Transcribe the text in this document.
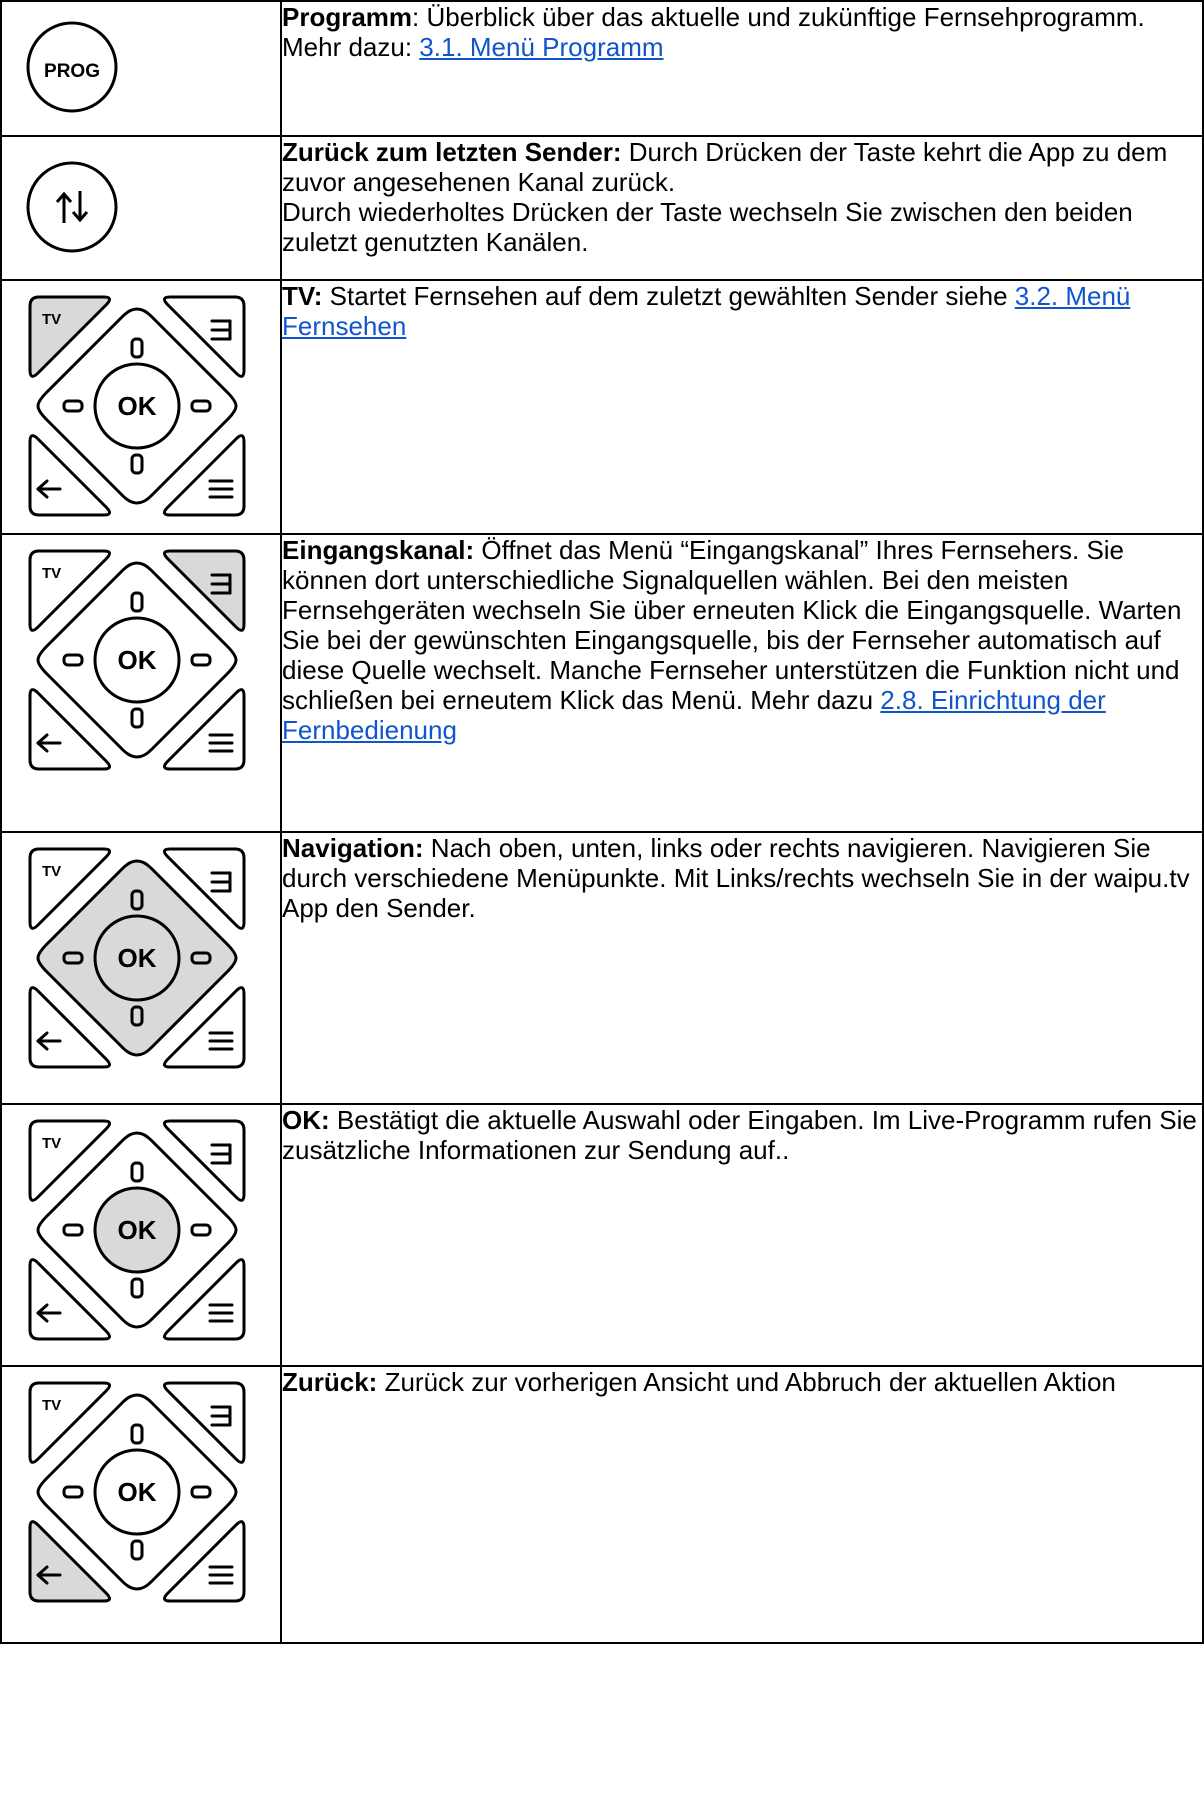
PROG	Programm: Überblick über das aktuelle und zukünftige Fernsehprogramm. Mehr dazu: 3.1. Menü Programm

	Zurück zum letzten Sender: Durch Drücken der Taste kehrt die App zu dem zuvor angesehenen Kanal zurück.
Durch wiederholtes Drücken der Taste wechseln Sie zwischen den beiden zuletzt genutzten Kanälen.

TV
OK	TV: Startet Fernsehen auf dem zuletzt gewählten Sender siehe 3.2. Menü Fernsehen

TV
OK	Eingangskanal: Öffnet das Menü “Eingangskanal” Ihres Fernsehers. Sie können dort unterschiedliche Signalquellen wählen. Bei den meisten Fernsehgeräten wechseln Sie über erneuten Klick die Eingangsquelle. Warten Sie bei der gewünschten Eingangsquelle, bis der Fernseher automatisch auf diese Quelle wechselt. Manche Fernseher unterstützen die Funktion nicht und schließen bei erneutem Klick das Menü. Mehr dazu 2.8. Einrichtung der Fernbedienung

TV
OK	Navigation: Nach oben, unten, links oder rechts navigieren. Navigieren Sie durch verschiedene Menüpunkte. Mit Links/rechts wechseln Sie in der waipu.tv App den Sender.

TV
OK	OK: Bestätigt die aktuelle Auswahl oder Eingaben. Im Live-Programm rufen Sie zusätzliche Informationen zur Sendung auf..

TV
OK	Zurück: Zurück zur vorherigen Ansicht und Abbruch der aktuellen Aktion
